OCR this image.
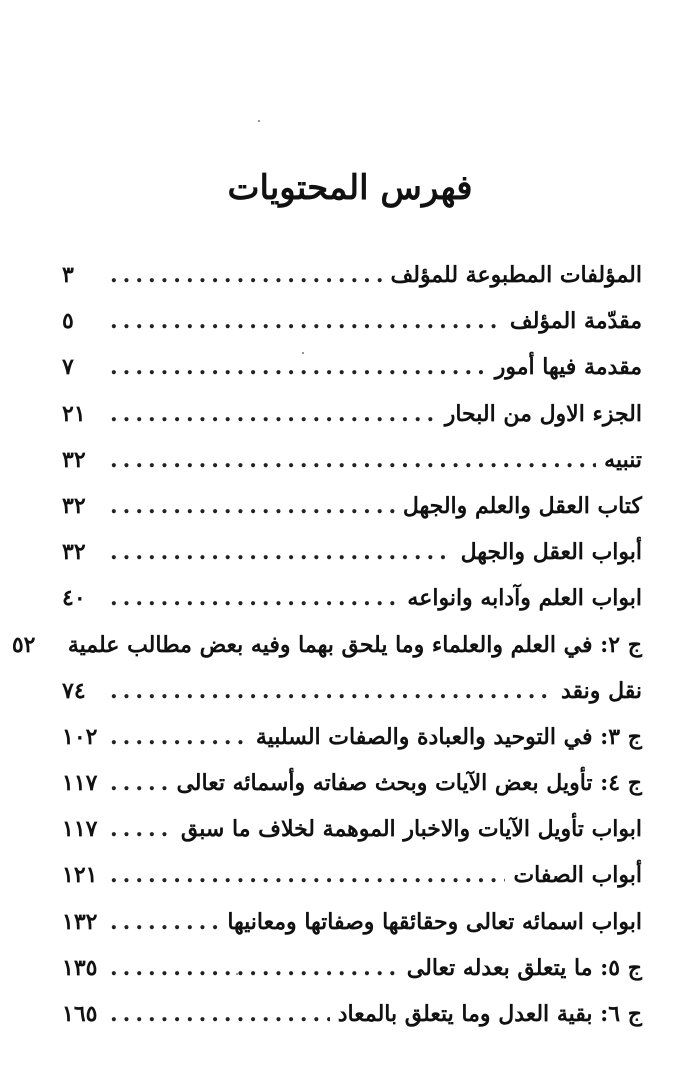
فهرس المحتويات
المؤلفات المطبوعة للمؤلف
.....
٣
مقدّمة المؤلف
.....
٥
مقدمة فيها أمور
.....
٧
الجزء الاول من البحار
.....
٢١
تنبيه
.....
٣٢
كتاب العقل والعلم والجهل
.....
٣٢
أبواب العقل والجهل
.....
٣٢
ابواب العلم وآدابه وانواعه
.....
٤٠
ج ٢: في العلم والعلماء وما يلحق بهما وفيه بعض مطالب علمية
٥٢
نقل ونقد
.....
٧٤
ج ٣: في التوحيد والعبادة والصفات السلبية
.....
١٠٢
ج ٤: تأويل بعض الآيات وبحث صفاته وأسمائه تعالى
.....
١١٧
ابواب تأويل الآيات والاخبار الموهمة لخلاف ما سبق
.....
١١٧
أبواب الصفات
.....
١٢١
ابواب اسمائه تعالى وحقائقها وصفاتها ومعانيها
.....
١٣٢
ج ٥: ما يتعلق بعدله تعالى
.....
١٣٥
ج ٦: بقية العدل وما يتعلق بالمعاد
.....
١٦٥
